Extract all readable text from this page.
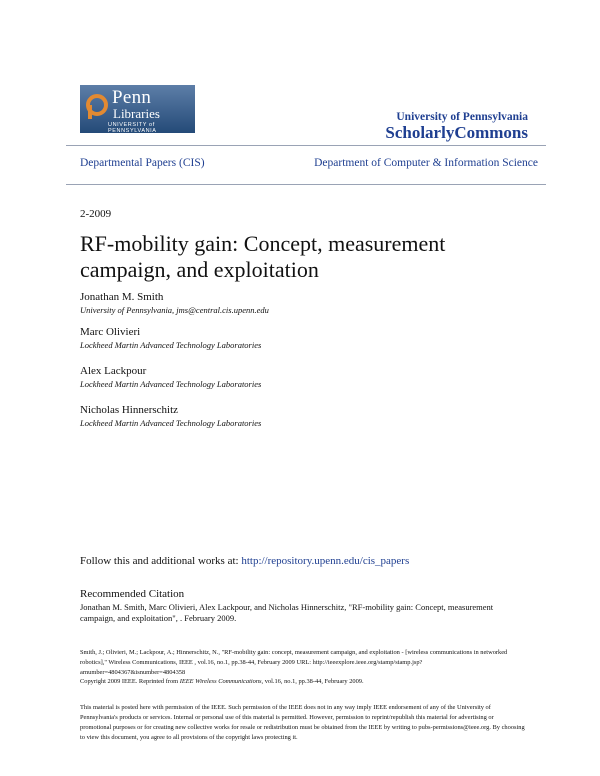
Penn
Libraries
UNIVERSITY of PENNSYLVANIA
University of Pennsylvania
ScholarlyCommons
Departmental Papers (CIS)	Department of Computer & Information Science
2-2009
RF-mobility gain: Concept, measurement campaign, and exploitation
Jonathan M. Smith
University of Pennsylvania, jms@central.cis.upenn.edu
Marc Olivieri
Lockheed Martin Advanced Technology Laboratories
Alex Lackpour
Lockheed Martin Advanced Technology Laboratories
Nicholas Hinnerschitz
Lockheed Martin Advanced Technology Laboratories
Follow this and additional works at: http://repository.upenn.edu/cis_papers
Recommended Citation
Jonathan M. Smith, Marc Olivieri, Alex Lackpour, and Nicholas Hinnerschitz, "RF-mobility gain: Concept, measurement campaign, and exploitation", . February 2009.
Smith, J.; Olivieri, M.; Lackpour, A.; Hinnerschitz, N., "RF-mobility gain: concept, measurement campaign, and exploitation - [wireless communications in networked robotics]," Wireless Communications, IEEE , vol.16, no.1, pp.38-44, February 2009 URL: http://ieeexplore.ieee.org/stamp/stamp.jsp?arnumber=4804367&isnumber=4804358
Copyright 2009 IEEE. Reprinted from IEEE Wireless Communications, vol.16, no.1, pp.38-44, February 2009.
This material is posted here with permission of the IEEE. Such permission of the IEEE does not in any way imply IEEE endorsement of any of the University of Pennsylvania's products or services. Internal or personal use of this material is permitted. However, permission to reprint/republish this material for advertising or promotional purposes or for creating new collective works for resale or redistribution must be obtained from the IEEE by writing to pubs-permissions@ieee.org. By choosing to view this document, you agree to all provisions of the copyright laws protecting it.
